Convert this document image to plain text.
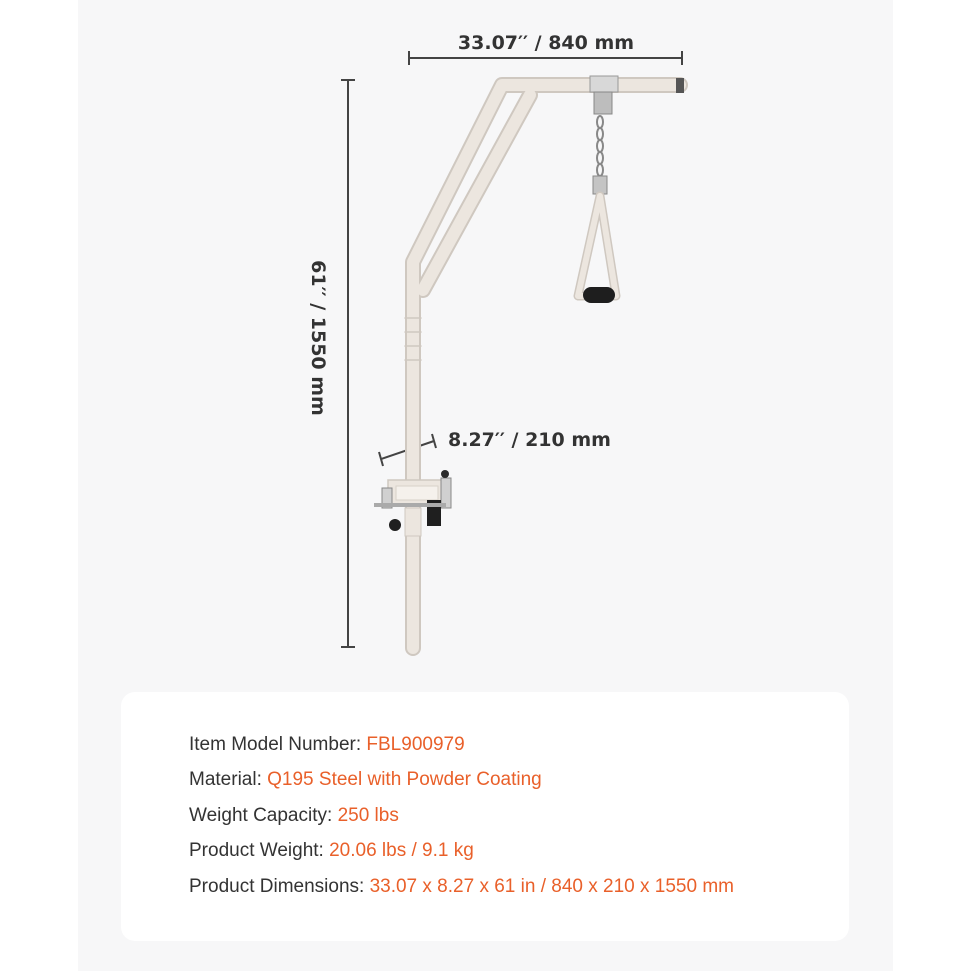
33.07′′ / 840 mm
61′′ / 1550 mm
8.27′′ / 210 mm
Item Model Number: FBL900979
Material: Q195 Steel with Powder Coating
Weight Capacity: 250 lbs
Product Weight: 20.06 lbs / 9.1 kg
Product Dimensions: 33.07 x 8.27 x 61 in / 840 x 210 x 1550 mm
